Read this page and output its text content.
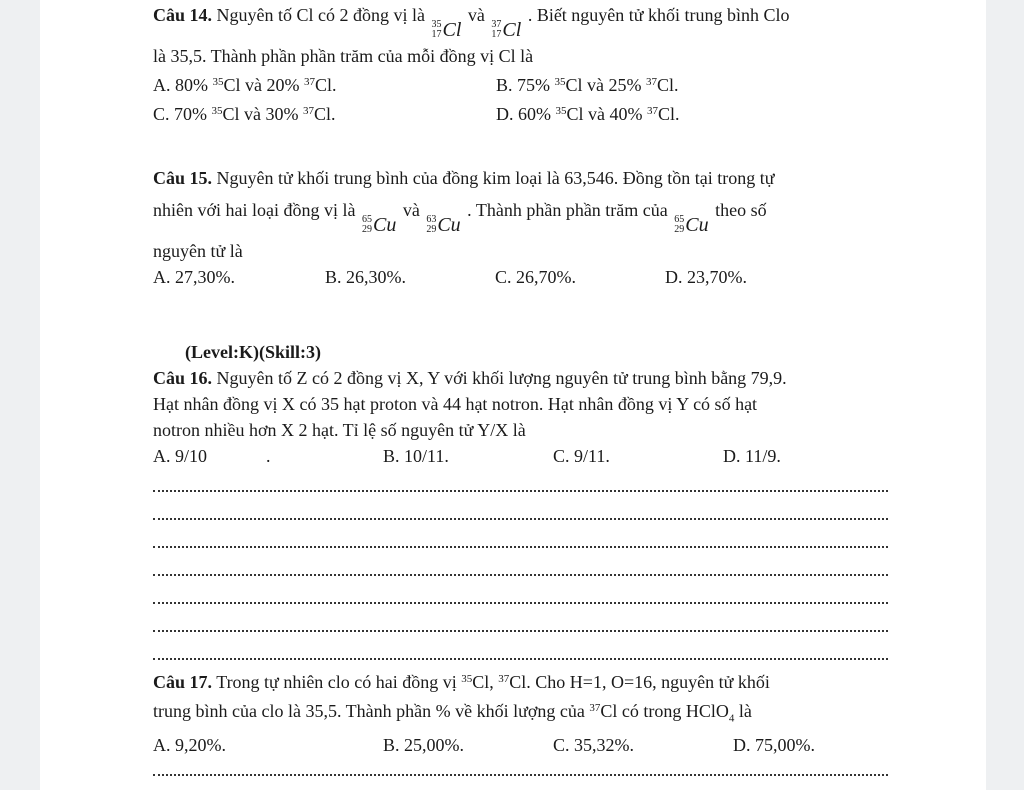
Câu 14. Nguyên tố Cl có 2 đồng vị là 35
17 Cl
và 37
17 Cl
. Biết nguyên tử khối trung bình Clo
là 35,5. Thành phần phần trăm của mỗi đồng vị Cl là
A. 80% $^{35}$Cl và 20% $^{37}$Cl.	B. 75% $^{35}$Cl và 25% $^{37}$Cl.
C. 70% $^{35}$Cl và 30% $^{37}$Cl.	D. 60% $^{35}$Cl và 40% $^{37}$Cl.
Câu 15. Nguyên tử khối trung bình của đồng kim loại là 63,546. Đồng tồn tại trong tự
nhiên với hai loại đồng vị là 65
29 Cu
và 63
29 Cu
. Thành phần phần trăm của 65
29 Cu
theo số
nguyên tử là
A. 27,30%.	B. 26,30%.	C. 26,70%.	D. 23,70%.
(Level:K)(Skill:3)
Câu 16. Nguyên tố Z có 2 đồng vị X, Y với khối lượng nguyên tử trung bình bằng 79,9.
Hạt nhân đồng vị X có 35 hạt proton và 44 hạt notron. Hạt nhân đồng vị Y có số hạt
notron nhiều hơn X 2 hạt. Tỉ lệ số nguyên tử Y/X là
A. 9/10	.	B. 10/11.	C. 9/11.	D. 11/9.
Câu 17. Trong tự nhiên clo có hai đồng vị $^{35}$Cl, $^{37}$Cl. Cho H=1, O=16, nguyên tử khối
trung bình của clo là 35,5. Thành phần % về khối lượng của $^{37}$Cl có trong HClO$_4$ là
A. 9,20%.	B. 25,00%.	C. 35,32%.	D. 75,00%.
